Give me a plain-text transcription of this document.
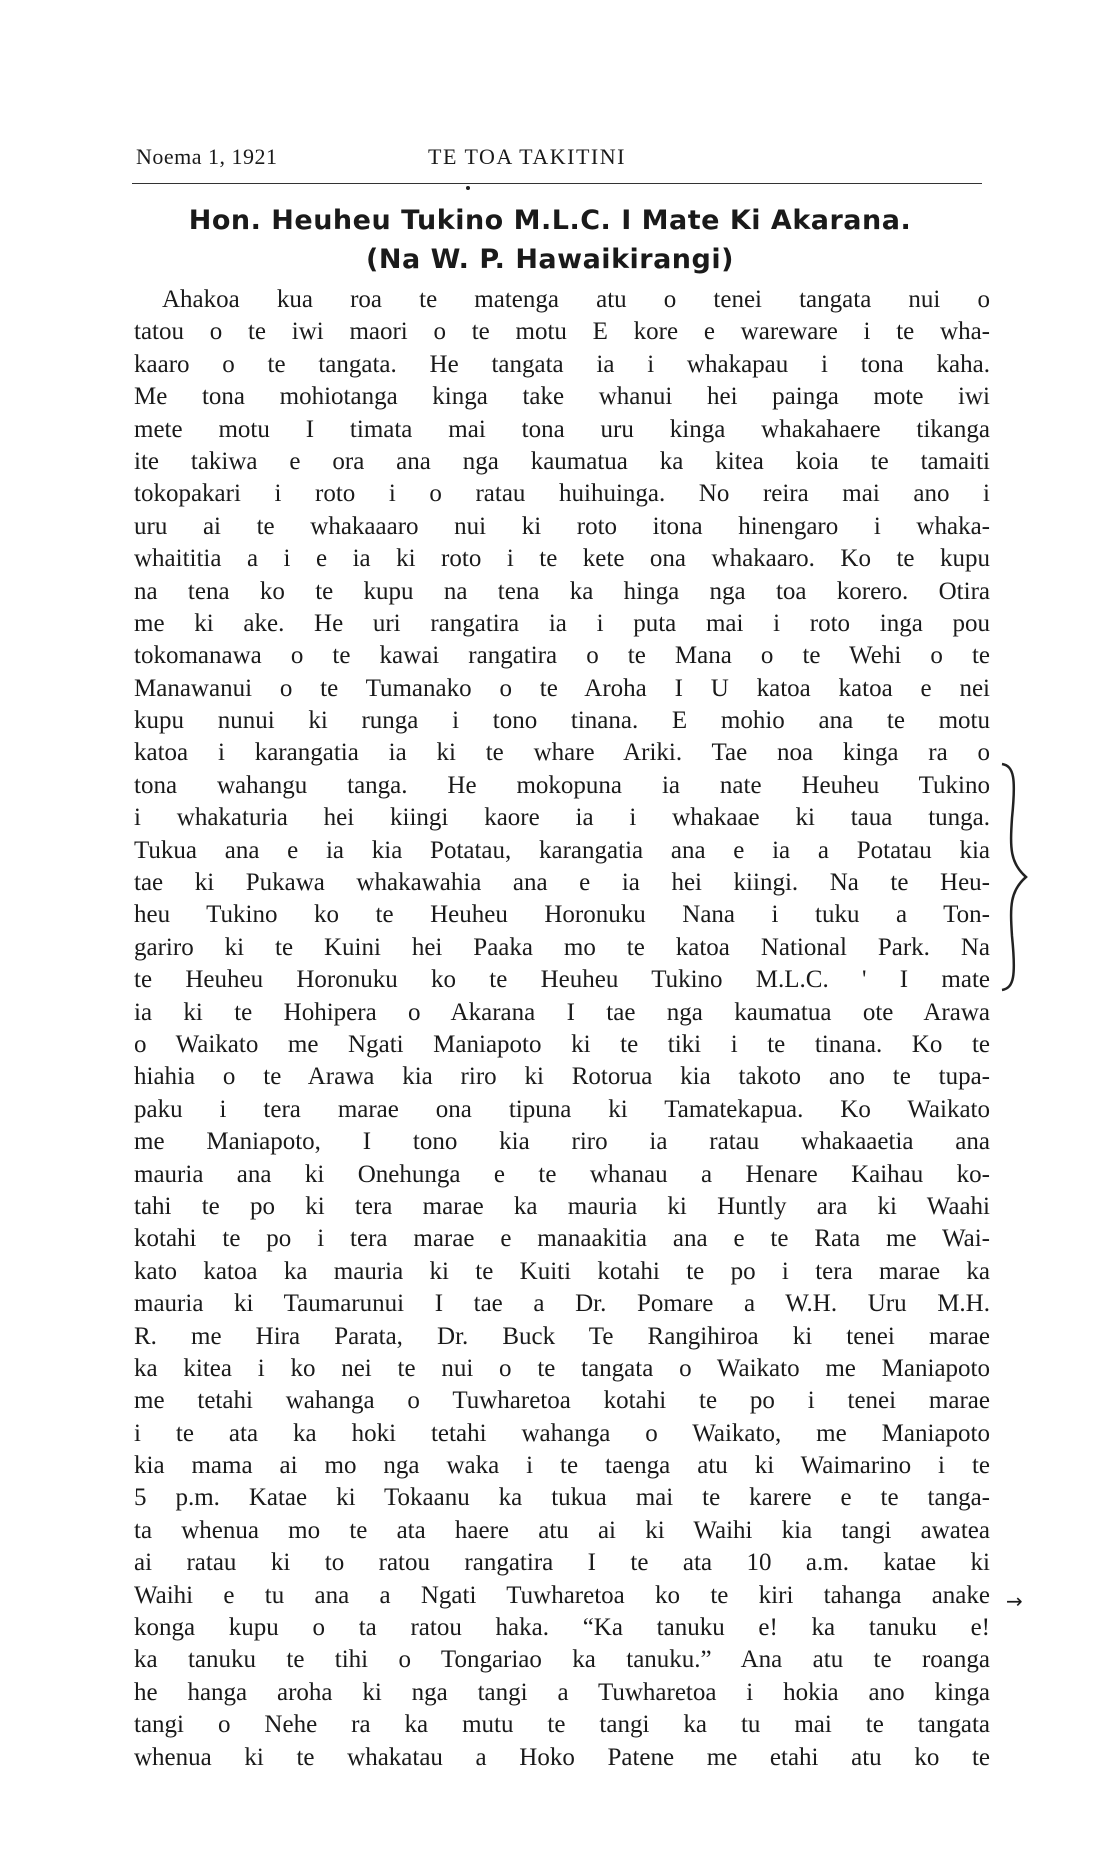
Noema 1, 1921	TE TOA TAKITINI
Hon. Heuheu Tukino M.L.C. I Mate Ki Akarana.
(Na W. P. Hawaikirangi)
Ahakoa kua roa te matenga atu o tenei tangata nui o
tatou o te iwi maori o te motu E kore e wareware i te wha-
kaaro o te tangata. He tangata ia i whakapau i tona kaha.
Me tona mohiotanga kinga take whanui hei painga mote iwi
mete motu I timata mai tona uru kinga whakahaere tikanga
ite takiwa e ora ana nga kaumatua ka kitea koia te tamaiti
tokopakari i roto i o ratau huihuinga. No reira mai ano i
uru ai te whakaaaro nui ki roto itona hinengaro i whaka-
whaititia a i e ia ki roto i te kete ona whakaaro. Ko te kupu
na tena ko te kupu na tena ka hinga nga toa korero. Otira
me ki ake. He uri rangatira ia i puta mai i roto inga pou
tokomanawa o te kawai rangatira o te Mana o te Wehi o te
Manawanui o te Tumanako o te Aroha I U katoa katoa e nei
kupu nunui ki runga i tono tinana. E mohio ana te motu
katoa i karangatia ia ki te whare Ariki. Tae noa kinga ra o
tona wahangu tanga. He mokopuna ia nate Heuheu Tukino
i whakaturia hei kiingi kaore ia i whakaae ki taua tunga.
Tukua ana e ia kia Potatau, karangatia ana e ia a Potatau kia
tae ki Pukawa whakawahia ana e ia hei kiingi. Na te Heu-
heu Tukino ko te Heuheu Horonuku Nana i tuku a Ton-
gariro ki te Kuini hei Paaka mo te katoa National Park. Na
te Heuheu Horonuku ko te Heuheu Tukino M.L.C. ' I mate
ia ki te Hohipera o Akarana I tae nga kaumatua ote Arawa
o Waikato me Ngati Maniapoto ki te tiki i te tinana. Ko te
hiahia o te Arawa kia riro ki Rotorua kia takoto ano te tupa-
paku i tera marae ona tipuna ki Tamatekapua. Ko Waikato
me Maniapoto, I tono kia riro ia ratau whakaaetia ana
mauria ana ki Onehunga e te whanau a Henare Kaihau ko-
tahi te po ki tera marae ka mauria ki Huntly ara ki Waahi
kotahi te po i tera marae e manaakitia ana e te Rata me Wai-
kato katoa ka mauria ki te Kuiti kotahi te po i tera marae ka
mauria ki Taumarunui I tae a Dr. Pomare a W.H. Uru M.H.
R. me Hira Parata, Dr. Buck Te Rangihiroa ki tenei marae
ka kitea i ko nei te nui o te tangata o Waikato me Maniapoto
me tetahi wahanga o Tuwharetoa kotahi te po i tenei marae
i te ata ka hoki tetahi wahanga o Waikato, me Maniapoto
kia mama ai mo nga waka i te taenga atu ki Waimarino i te
5 p.m. Katae ki Tokaanu ka tukua mai te karere e te tanga-
ta whenua mo te ata haere atu ai ki Waihi kia tangi awatea
ai ratau ki to ratou rangatira I te ata 10 a.m. katae ki
Waihi e tu ana a Ngati Tuwharetoa ko te kiri tahanga anake
konga kupu o ta ratou haka. “Ka tanuku e! ka tanuku e!
ka tanuku te tihi o Tongariao ka tanuku.” Ana atu te roanga
he hanga aroha ki nga tangi a Tuwharetoa i hokia ano kinga
tangi o Nehe ra ka mutu te tangi ka tu mai te tangata
whenua ki te whakatau a Hoko Patene me etahi atu ko te
→
